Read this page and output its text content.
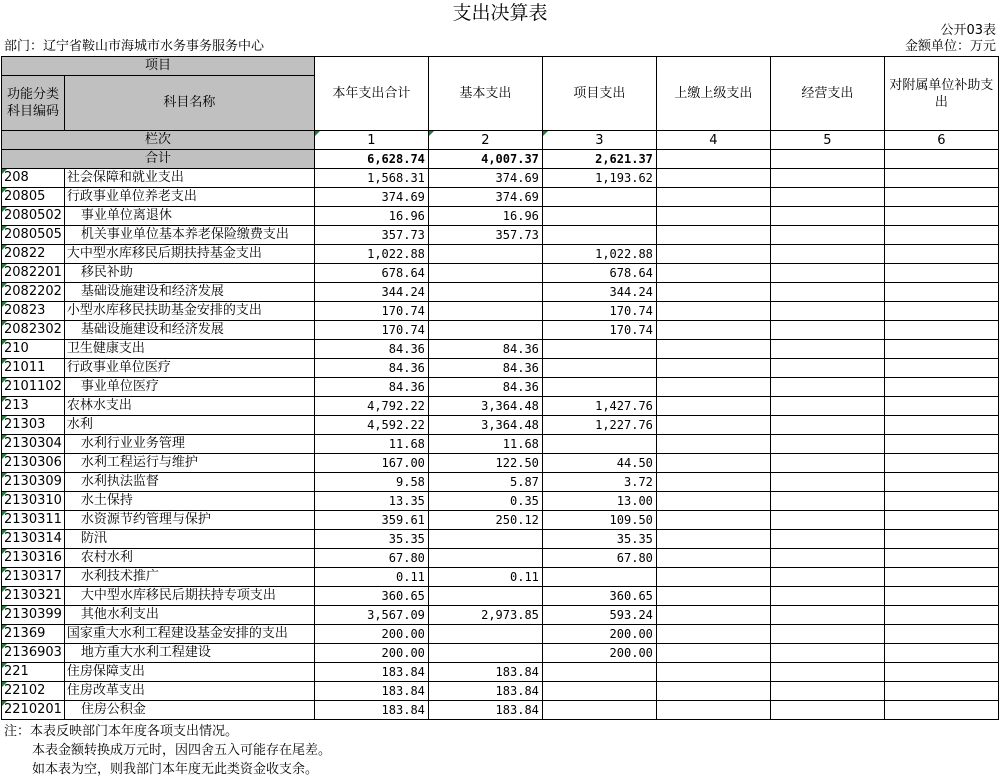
支出决算表
公开03表
部门：辽宁省鞍山市海城市水务事务服务中心	金额单位：万元
项目		本年支出合计	基本支出	项目支出	上缴上级支出	经营支出	对附属单位补助支出
功能分类科目编码	科目名称						

栏次		1	2	3	4	5	6
合计		6,628.74	4,007.37	2,621.37			
208	社会保障和就业支出	1,568.31	374.69	1,193.62			
20805	行政事业单位养老支出	374.69	374.69				
2080502	事业单位离退休	16.96	16.96				
2080505	机关事业单位基本养老保险缴费支出	357.73	357.73				
20822	大中型水库移民后期扶持基金支出	1,022.88		1,022.88			
2082201	移民补助	678.64		678.64			
2082202	基础设施建设和经济发展	344.24		344.24			
20823	小型水库移民扶助基金安排的支出	170.74		170.74			
2082302	基础设施建设和经济发展	170.74		170.74			
210	卫生健康支出	84.36	84.36				
21011	行政事业单位医疗	84.36	84.36				
2101102	事业单位医疗	84.36	84.36				
213	农林水支出	4,792.22	3,364.48	1,427.76			
21303	水利	4,592.22	3,364.48	1,227.76			
2130304	水利行业业务管理	11.68	11.68				
2130306	水利工程运行与维护	167.00	122.50	44.50			
2130309	水利执法监督	9.58	5.87	3.72			
2130310	水土保持	13.35	0.35	13.00			
2130311	水资源节约管理与保护	359.61	250.12	109.50			
2130314	防汛	35.35		35.35			
2130316	农村水利	67.80		67.80			
2130317	水利技术推广	0.11	0.11				
2130321	大中型水库移民后期扶持专项支出	360.65		360.65			
2130399	其他水利支出	3,567.09	2,973.85	593.24			
21369	国家重大水利工程建设基金安排的支出	200.00		200.00			
2136903	地方重大水利工程建设	200.00		200.00			
221	住房保障支出	183.84	183.84				
22102	住房改革支出	183.84	183.84				
2210201	住房公积金	183.84	183.84				
注：本表反映部门本年度各项支出情况。
本表金额转换成万元时，因四舍五入可能存在尾差。
如本表为空，则我部门本年度无此类资金收支余。
